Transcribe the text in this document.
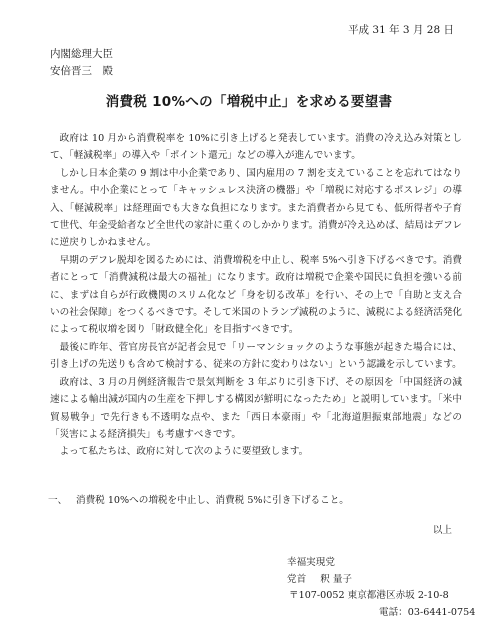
平成 31 年 3 月 28 日
内閣総理大臣
安倍晋三　殿
消費税 10%への「増税中止」を求める要望書

政府は 10 月から消費税率を 10%に引き上げると発表しています。消費の冷え込み対策として、「軽減税率」の導入や「ポイント還元」などの導入が進んでいます。

しかし日本企業の 9 割は中小企業であり、国内雇用の 7 割を支えていることを忘れてはなりません。中小企業にとって「キャッシュレス決済の機器」や「増税に対応するポスレジ」の導入、「軽減税率」は経理面でも大きな負担になります。また消費者から見ても、低所得者や子育て世代、年金受給者など全世代の家計に重くのしかかります。消費が冷え込めば、結局はデフレに逆戻りしかねません。

早期のデフレ脱却を図るためには、消費増税を中止し、税率 5%へ引き下げるべきです。消費者にとって「消費減税は最大の福祉」になります。政府は増税で企業や国民に負担を強いる前に、まずは自らが行政機関のスリム化など「身を切る改革」を行い、その上で「自助と支え合いの社会保障」をつくるべきです。そして米国のトランプ減税のように、減税による経済活発化によって税収増を図り「財政健全化」を目指すべきです。

最後に昨年、菅官房長官が記者会見で「リーマンショックのような事態が起きた場合には、引き上げの先送りも含めて検討する、従来の方針に変わりはない」という認識を示しています。

政府は、3 月の月例経済報告で景気判断を 3 年ぶりに引き下げ、その原因を「中国経済の減速による輸出減が国内の生産を下押しする構図が鮮明になったため」と説明しています。「米中貿易戦争」で先行きも不透明な点や、また「西日本豪雨」や「北海道胆振東部地震」などの「災害による経済損失」も考慮すべきです。

よって私たちは、政府に対して次のように要望致します。

一、 消費税 10%への増税を中止し、消費税 5%に引き下げること。
以上
幸福実現党
党首 釈 量子
〒107-0052 東京都港区赤坂 2-10-8
電話：03-6441-0754
